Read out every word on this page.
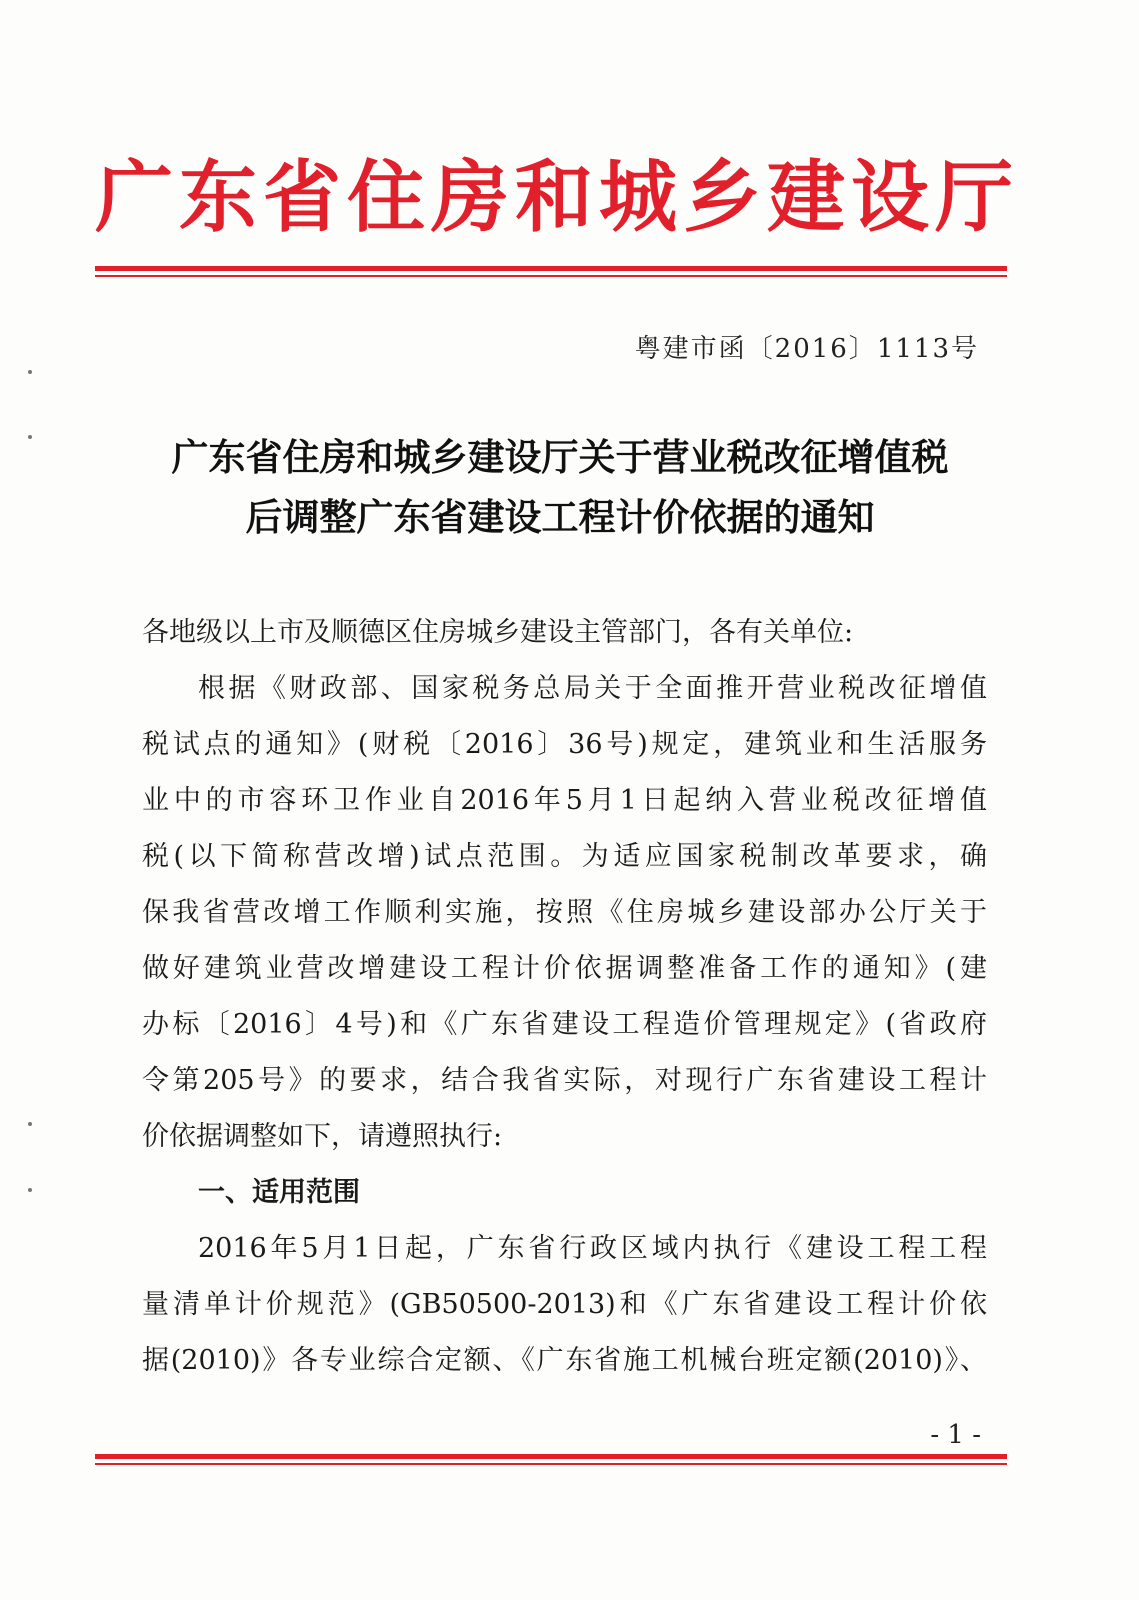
广东省住房和城乡建设厅
粤建市函〔2016〕1113号
广东省住房和城乡建设厅关于营业税改征增值税
后调整广东省建设工程计价依据的通知
各地级以上市及顺德区住房城乡建设主管部门，各有关单位:
根据《财政部、国家税务总局关于全面推开营业税改征增值
税试点的通知》(财税〔2016〕36号)规定，建筑业和生活服务
业中的市容环卫作业自2016年5月1日起纳入营业税改征增值
税(以下简称营改增)试点范围。为适应国家税制改革要求，确
保我省营改增工作顺利实施，按照《住房城乡建设部办公厅关于
做好建筑业营改增建设工程计价依据调整准备工作的通知》(建
办标〔2016〕4号)和《广东省建设工程造价管理规定》(省政府
令第205号》的要求，结合我省实际，对现行广东省建设工程计
价依据调整如下，请遵照执行:
一、适用范围
2016年5月1日起，广东省行政区域内执行《建设工程工程
量清单计价规范》(GB50500-2013)和《广东省建设工程计价依
据(2010)》各专业综合定额、《广东省施工机械台班定额(2010)》、
- 1 -
